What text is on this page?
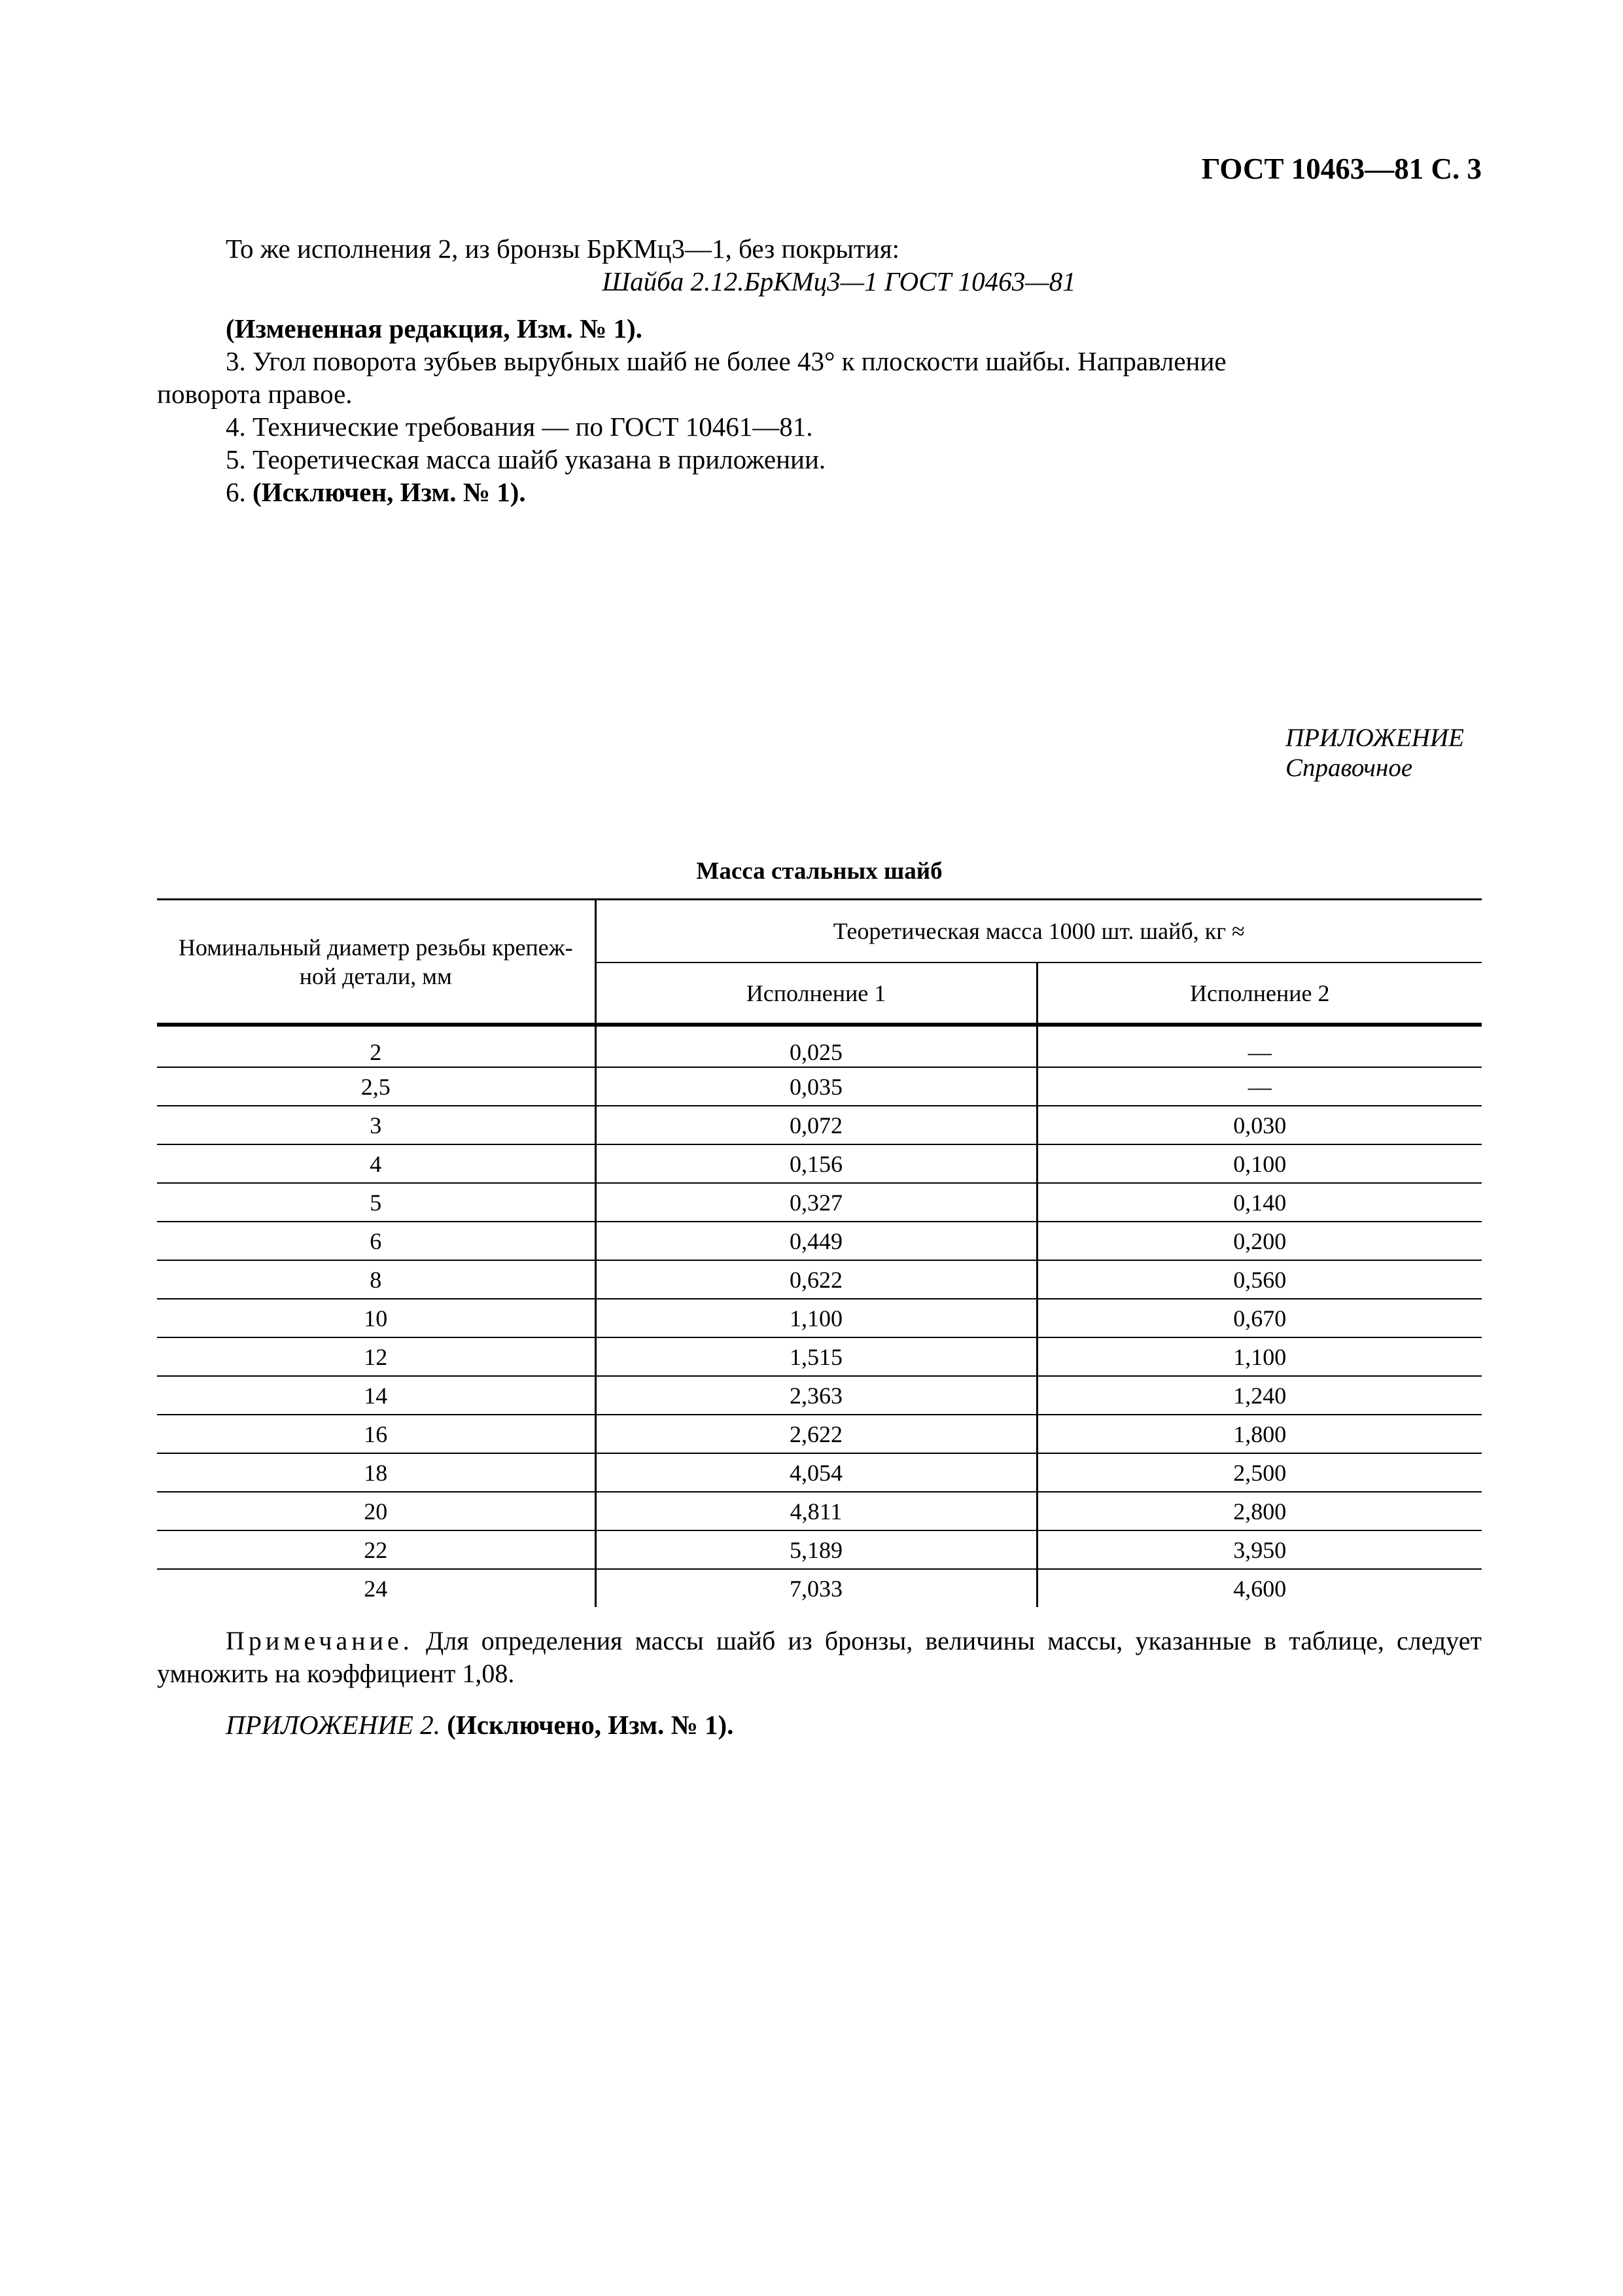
ГОСТ 10463—81 С. 3

То же исполнения 2, из бронзы БрКМц3—1, без покрытия:

Шайба 2.12.БрКМц3—1 ГОСТ 10463—81

(Измененная редакция, Изм. № 1).

3. Угол поворота зубьев вырубных шайб не более 43° к плоскости шайбы. Направление

поворота правое.

4. Технические требования — по ГОСТ 10461—81.

5. Теоретическая масса шайб указана в приложении.

6. (Исключен, Изм. № 1).

ПРИЛОЖЕНИЕ
Справочное
Масса стальных шайб
Номинальный диаметр резьбы крепеж-ной детали, мм	Теоретическая масса 1000 шт. шайб, кг ≈	
	Исполнение 1	Исполнение 2
2	0,025	—
2,5	0,035	—
3	0,072	0,030
4	0,156	0,100
5	0,327	0,140
6	0,449	0,200
8	0,622	0,560
10	1,100	0,670
12	1,515	1,100
14	2,363	1,240
16	2,622	1,800
18	4,054	2,500
20	4,811	2,800
22	5,189	3,950
24	7,033	4,600
Примечание. Для определения массы шайб из бронзы, величины массы, указанные в таблице, следует умножить на коэффициент 1,08.
ПРИЛОЖЕНИЕ 2. (Исключено, Изм. № 1).
